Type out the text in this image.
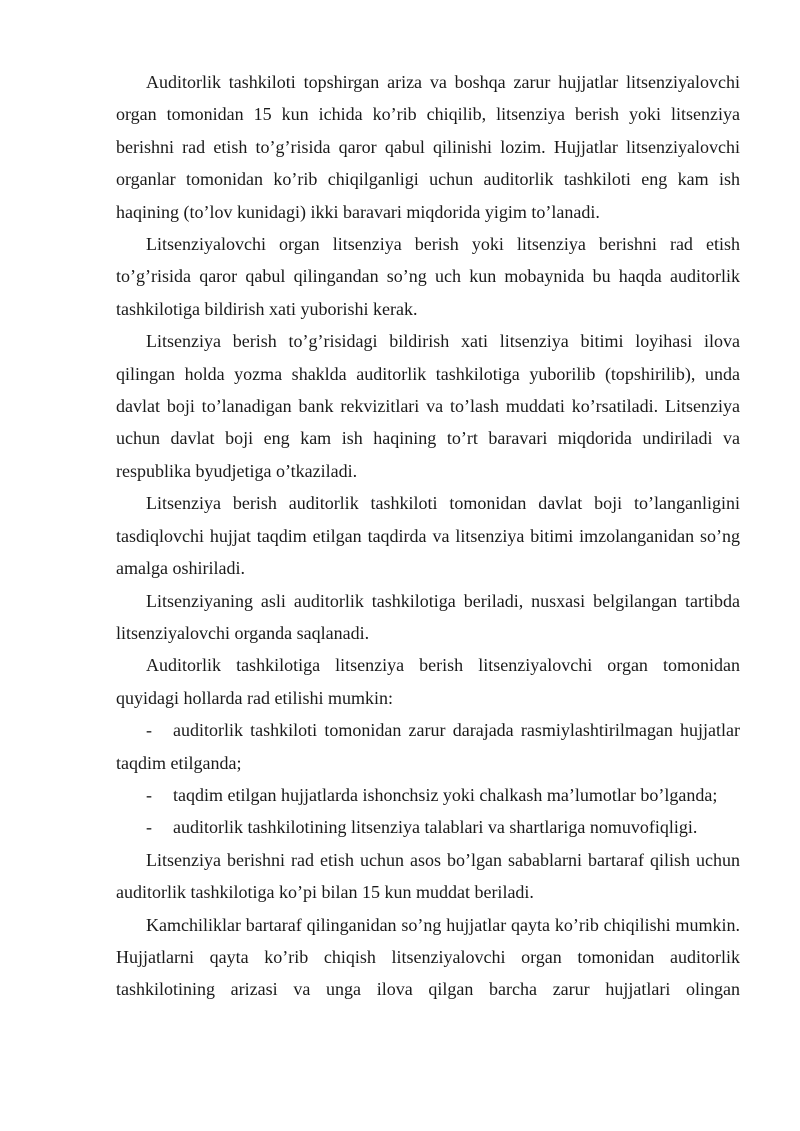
Auditorlik tashkiloti topshirgan ariza va boshqa zarur hujjatlar litsenziyalovchi organ tomonidan 15 kun ichida ko’rib chiqilib, litsenziya berish yoki litsenziya berishni rad etish to’g’risida qaror qabul qilinishi lozim. Hujjatlar litsenziyalovchi organlar tomonidan ko’rib chiqilganligi uchun auditorlik tashkiloti eng kam ish haqining (to’lov kunidagi) ikki baravari miqdorida yigim to’lanadi.

Litsenziyalovchi organ litsenziya berish yoki litsenziya berishni rad etish to’g’risida qaror qabul qilingandan so’ng uch kun mobaynida bu haqda auditorlik tashkilotiga bildirish xati yuborishi kerak.

Litsenziya berish to’g’risidagi bildirish xati litsenziya bitimi loyihasi ilova qilingan holda yozma shaklda auditorlik tashkilotiga yuborilib (topshirilib), unda davlat boji to’lanadigan bank rekvizitlari va to’lash muddati ko’rsatiladi. Litsenziya uchun davlat boji eng kam ish haqining to’rt baravari miqdorida undiriladi va respublika byudjetiga o’tkaziladi.

Litsenziya berish auditorlik tashkiloti tomonidan davlat boji to’langanligini tasdiqlovchi hujjat taqdim etilgan taqdirda va litsenziya bitimi imzolanganidan so’ng amalga oshiriladi.

Litsenziyaning asli auditorlik tashkilotiga beriladi, nusxasi belgilangan tartibda litsenziyalovchi organda saqlanadi.

Auditorlik tashkilotiga litsenziya berish litsenziyalovchi organ tomonidan quyidagi hollarda rad etilishi mumkin:

- auditorlik tashkiloti tomonidan zarur darajada rasmiylashtirilmagan hujjatlar taqdim etilganda;

- taqdim etilgan hujjatlarda ishonchsiz yoki chalkash ma’lumotlar bo’lganda;

- auditorlik tashkilotining litsenziya talablari va shartlariga nomuvofiqligi.

Litsenziya berishni rad etish uchun asos bo’lgan sabablarni bartaraf qilish uchun auditorlik tashkilotiga ko’pi bilan 15 kun muddat beriladi.

Kamchiliklar bartaraf qilinganidan so’ng hujjatlar qayta ko’rib chiqilishi mumkin. Hujjatlarni qayta ko’rib chiqish litsenziyalovchi organ tomonidan auditorlik tashkilotining arizasi va unga ilova qilgan barcha zarur hujjatlari olingan
